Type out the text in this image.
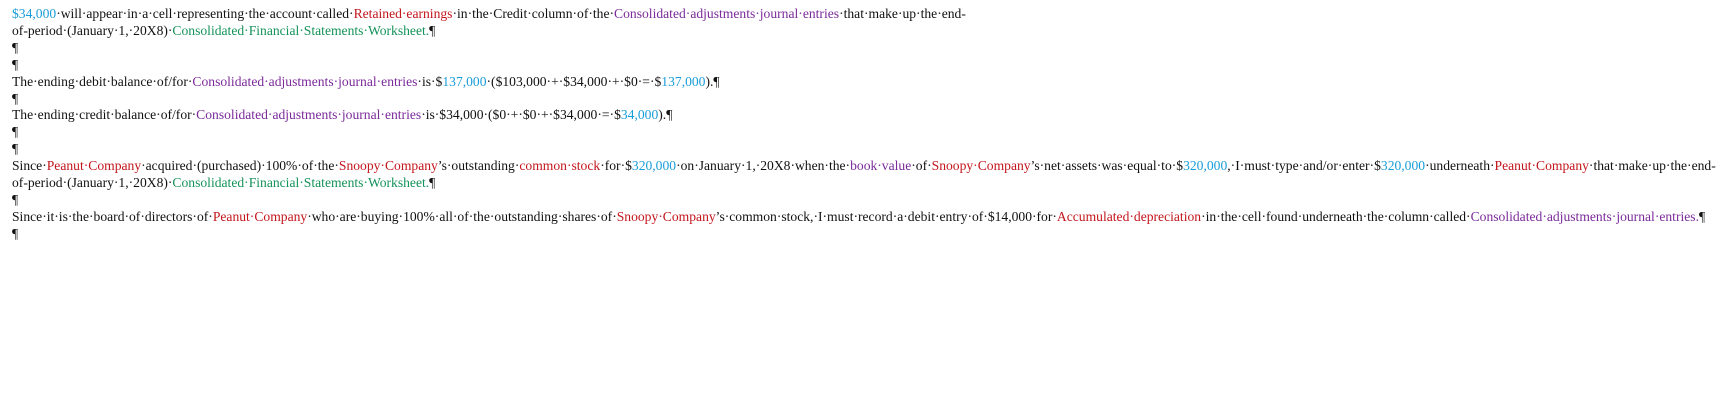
$34,000·will·appear·in·a·cell·representing·the·account·called·Retained·earnings·in·the·Credit·column·of·the·Consolidated·adjustments·journal·entries·that·make·up·the·end-of-period·(January·1,·20X8)·Consolidated·Financial·Statements·Worksheet.¶

¶

¶

The·ending·debit·balance·of/for·Consolidated·adjustments·journal·entries·is·$137,000·($103,000·+·$34,000·+·$0·=·$137,000).¶

¶

The·ending·credit·balance·of/for·Consolidated·adjustments·journal·entries·is·$34,000·($0·+·$0·+·$34,000·=·$34,000).¶

¶

¶

Since·Peanut·Company·acquired·(purchased)·100%·of·the·Snoopy·Company’s·outstanding·common·stock·for·$320,000·on·January·1,·20X8·when·the·book·value·of·Snoopy·Company’s·net·assets·was·equal·to·$320,000,·I·must·type·and/or·enter·$320,000·underneath·Peanut·Company·that·make·up·the·end-of-period·(January·1,·20X8)·Consolidated·Financial·Statements·Worksheet.¶

¶

Since·it·is·the·board·of·directors·of·Peanut·Company·who·are·buying·100%·all·of·the·outstanding·shares·of·Snoopy·Company’s·common·stock,·I·must·record·a·debit·entry·of·$14,000·for·Accumulated·depreciation·in·the·cell·found·underneath·the·column·called·Consolidated·adjustments·journal·entries.¶

¶
